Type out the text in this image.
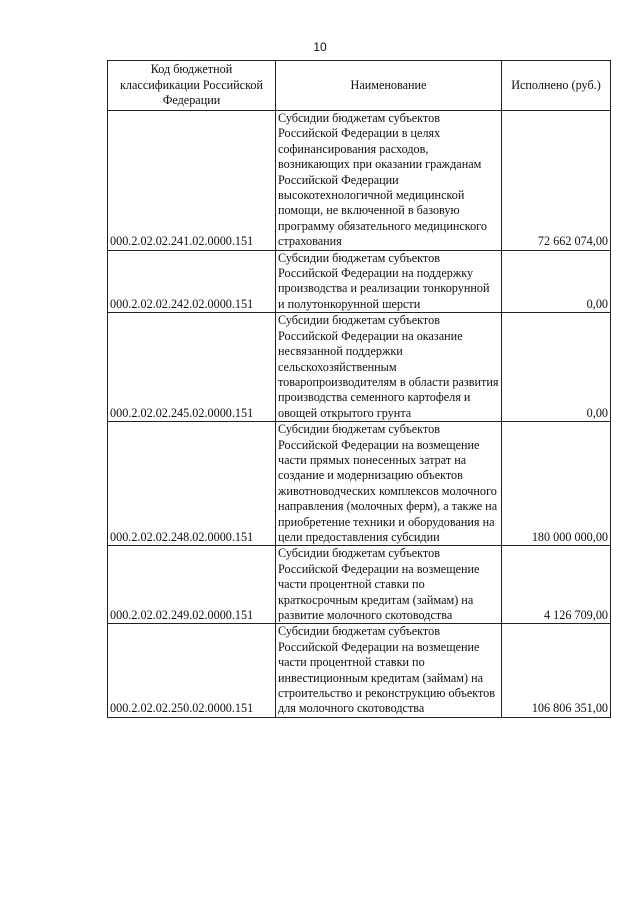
10
Код бюджетной классификации Российской Федерации	Наименование	Исполнено (руб.)
000.2.02.02.241.02.0000.151	Субсидии бюджетам субъектов Российской Федерации в целях софинансирования расходов, возникающих при оказании гражданам Российской Федерации высокотехнологичной медицинской помощи, не включенной в базовую программу обязательного медицинского страхования	72 662 074,00
000.2.02.02.242.02.0000.151	Субсидии бюджетам субъектов Российской Федерации на поддержку производства и реализации тонкорунной и полутонкорунной шерсти	0,00
000.2.02.02.245.02.0000.151	Субсидии бюджетам субъектов Российской Федерации на оказание несвязанной поддержки сельскохозяйственным товаропроизводителям в области развития производства семенного картофеля и овощей открытого грунта	0,00
000.2.02.02.248.02.0000.151	Субсидии бюджетам субъектов Российской Федерации на возмещение части прямых понесенных затрат на создание и модернизацию объектов животноводческих комплексов молочного направления (молочных ферм), а также на приобретение техники и оборудования на цели предоставления субсидии	180 000 000,00
000.2.02.02.249.02.0000.151	Субсидии бюджетам субъектов Российской Федерации на возмещение части процентной ставки по краткосрочным кредитам (займам) на развитие молочного скотоводства	4 126 709,00
000.2.02.02.250.02.0000.151	Субсидии бюджетам субъектов Российской Федерации на возмещение части процентной ставки по инвестиционным кредитам (займам) на строительство и реконструкцию объектов для молочного скотоводства	106 806 351,00
